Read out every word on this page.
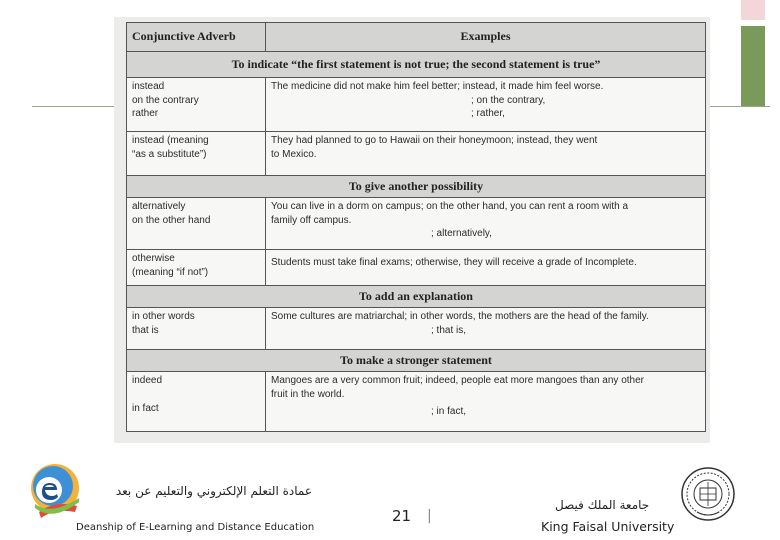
Conjunctive Adverb	Examples
To indicate “the first statement is not true; the second statement is true”	

instead
on the contrary
rather	The medicine did not make him feel better; instead, it made him feel worse.
; on the contrary,
; rather,

instead (meaning
“as a substitute”)	They had planned to go to Hawaii on their honeymoon; instead, they went
to Mexico.

To give another possibility	

alternatively
on the other hand	You can live in a dorm on campus; on the other hand, you can rent a room with a
family off campus.
; alternatively,

otherwise
(meaning “if not”)	Students must take final exams; otherwise, they will receive a grade of Incomplete.

To add an explanation	

in other words
that is	Some cultures are matriarchal; in other words, the mothers are the head of the family.
; that is,

To make a stronger statement	

indeed
in fact	Mangoes are a very common fruit; indeed, people eat more mangoes than any other
fruit in the world.
; in fact,
عمادة التعلم الإلكتروني والتعليم عن بعد
Deanship of E-Learning and Distance Education
21 |
جامعة الملك فيصل
King Faisal University
